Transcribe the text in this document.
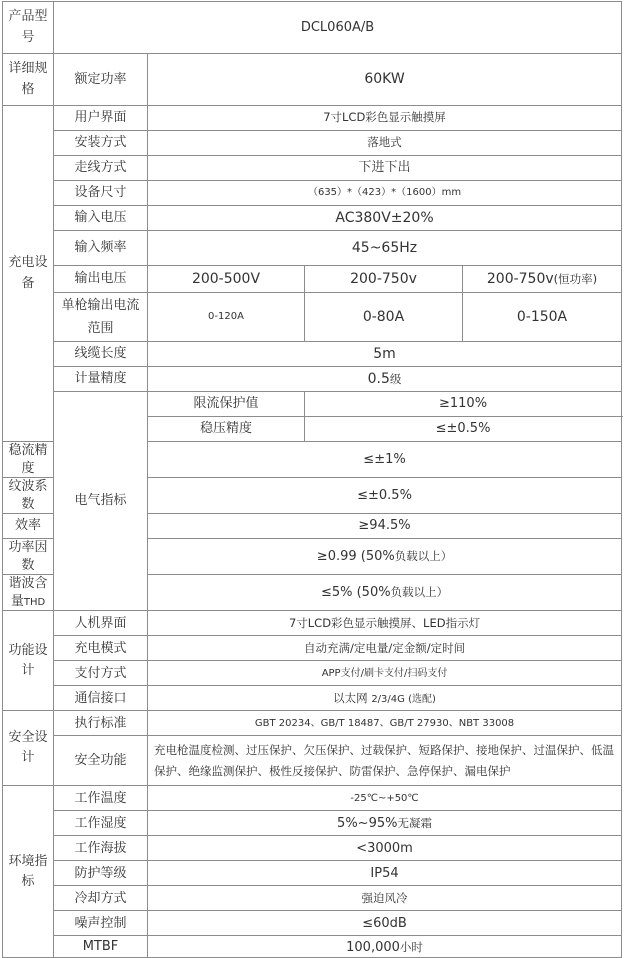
产品型号	DCL060A/B			
详细规格	额定功率	60KW		
充电设备	用户界面	7寸LCD彩色显示触摸屏		
	安装方式	落地式		
	走线方式	下进下出		
	设备尺寸	（635）*（423）*（1600）mm		
	输入电压	AC380V±20%		
	输入频率	45~65Hz		
	输出电压	200-500V	200-750v	200-750v(恒功率)
	单枪输出电流范围	0-120A	0-80A	0-150A
	线缆长度	5m		
	计量精度	0.5级		
	电气指标	限流保护值	≥110%	
		稳压精度	≤±0.5%	
稳流精度		≤±1%		
纹波系数		≤±0.5%		
效率		≥94.5%		
功率因数		≥0.99 (50%负载以上）		
谐波含量THD		≤5% (50%负载以上）		
功能设计	人机界面	7寸LCD彩色显示触摸屏、LED指示灯		
	充电模式	自动充满/定电量/定金额/定时间		
	支付方式	APP支付/刷卡支付/扫码支付		
	通信接口	以太网 2/3/4G (选配)		
安全设计	执行标准	GBT 20234、GB/T 18487、GB/T 27930、NBT 33008		
	安全功能	充电枪温度检测、过压保护、欠压保护、过载保护、短路保护、接地保护、过温保护、低温保护、绝缘监测保护、极性反接保护、防雷保护、急停保护、漏电保护		
环境指标	工作温度	-25℃~+50℃		
	工作湿度	5%~95%无凝霜		
	工作海拔	<3000m		
	防护等级	IP54		
	冷却方式	强迫风冷		
	噪声控制	≤60dB		
	MTBF	100,000小时		
